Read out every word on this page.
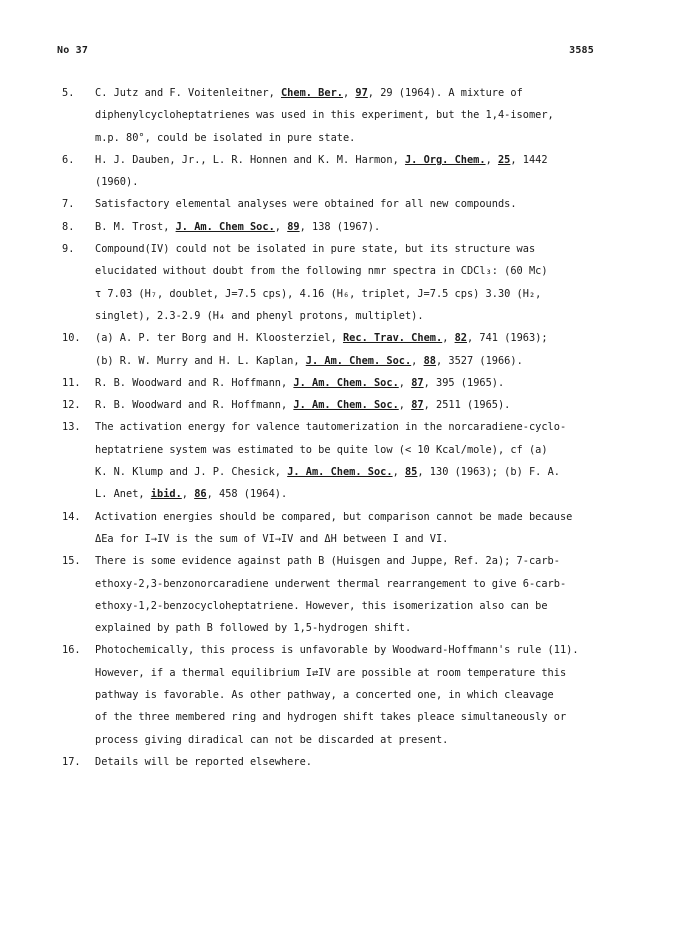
No 37	3585
5.	C. Jutz and F. Voitenleitner, Chem. Ber., 97, 29 (1964). A mixture of
diphenylcycloheptatrienes was used in this experiment, but the 1,4-isomer,
m.p. 80°, could be isolated in pure state.
6.	H. J. Dauben, Jr., L. R. Honnen and K. M. Harmon, J. Org. Chem., 25, 1442
(1960).
7.	Satisfactory elemental analyses were obtained for all new compounds.
8.	B. M. Trost, J. Am. Chem Soc., 89, 138 (1967).
9.	Compound(IV) could not be isolated in pure state, but its structure was
elucidated without doubt from the following nmr spectra in CDCl₃: (60 Mc)
τ 7.03 (H₇, doublet, J=7.5 cps), 4.16 (H₆, triplet, J=7.5 cps) 3.30 (H₂,
singlet), 2.3-2.9 (H₄ and phenyl protons, multiplet).
10.	(a) A. P. ter Borg and H. Kloosterziel, Rec. Trav. Chem., 82, 741 (1963);
(b) R. W. Murry and H. L. Kaplan, J. Am. Chem. Soc., 88, 3527 (1966).
11.	R. B. Woodward and R. Hoffmann, J. Am. Chem. Soc., 87, 395 (1965).
12.	R. B. Woodward and R. Hoffmann, J. Am. Chem. Soc., 87, 2511 (1965).
13.	The activation energy for valence tautomerization in the norcaradiene-cyclo-
heptatriene system was estimated to be quite low (< 10 Kcal/mole), cf (a)
K. N. Klump and J. P. Chesick, J. Am. Chem. Soc., 85, 130 (1963); (b) F. A.
L. Anet, ibid., 86, 458 (1964).
14.	Activation energies should be compared, but comparison cannot be made because
ΔEa for I→IV is the sum of VI→IV and ΔH between I and VI.
15.	There is some evidence against path B (Huisgen and Juppe, Ref. 2a); 7-carb-
ethoxy-2,3-benzonorcaradiene underwent thermal rearrangement to give 6-carb-
ethoxy-1,2-benzocycloheptatriene. However, this isomerization also can be
explained by path B followed by 1,5-hydrogen shift.
16.	Photochemically, this process is unfavorable by Woodward-Hoffmann's rule (11).
However, if a thermal equilibrium I⇄IV are possible at room temperature this
pathway is favorable. As other pathway, a concerted one, in which cleavage
of the three membered ring and hydrogen shift takes pleace simultaneously or
process giving diradical can not be discarded at present.
17.	Details will be reported elsewhere.
